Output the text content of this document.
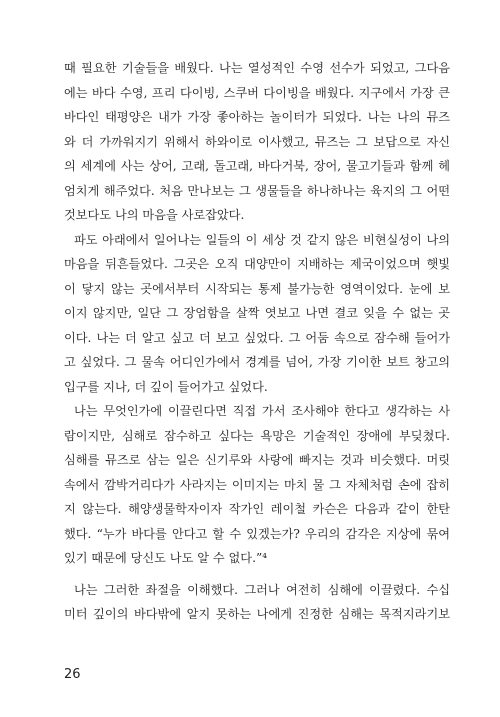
때 필요한 기술들을 배웠다. 나는 열성적인 수영 선수가 되었고, 그다음
에는 바다 수영, 프리 다이빙, 스쿠버 다이빙을 배웠다. 지구에서 가장 큰
바다인 태평양은 내가 가장 좋아하는 놀이터가 되었다. 나는 나의 뮤즈
와 더 가까워지기 위해서 하와이로 이사했고, 뮤즈는 그 보답으로 자신
의 세계에 사는 상어, 고래, 돌고래, 바다거북, 장어, 물고기들과 함께 헤
엄치게 해주었다. 처음 만나보는 그 생물들을 하나하나는 육지의 그 어떤
것보다도 나의 마음을 사로잡았다.
파도 아래에서 일어나는 일들의 이 세상 것 같지 않은 비현실성이 나의
마음을 뒤흔들었다. 그곳은 오직 대양만이 지배하는 제국이었으며 햇빛
이 닿지 않는 곳에서부터 시작되는 통제 불가능한 영역이었다. 눈에 보
이지 않지만, 일단 그 장엄함을 살짝 엿보고 나면 결코 잊을 수 없는 곳
이다. 나는 더 알고 싶고 더 보고 싶었다. 그 어둠 속으로 잠수해 들어가
고 싶었다. 그 물속 어디인가에서 경계를 넘어, 가장 기이한 보트 창고의
입구를 지나, 더 깊이 들어가고 싶었다.
나는 무엇인가에 이끌린다면 직접 가서 조사해야 한다고 생각하는 사
람이지만, 심해로 잠수하고 싶다는 욕망은 기술적인 장애에 부딪쳤다.
심해를 뮤즈로 삼는 일은 신기루와 사랑에 빠지는 것과 비슷했다. 머릿
속에서 깜박거리다가 사라지는 이미지는 마치 물 그 자체처럼 손에 잡히
지 않는다. 해양생물학자이자 작가인 레이철 카슨은 다음과 같이 한탄
했다. “누가 바다를 안다고 할 수 있겠는가? 우리의 감각은 지상에 묶여
있기 때문에 당신도 나도 알 수 없다.”⁴
나는 그러한 좌절을 이해했다. 그러나 여전히 심해에 이끌렸다. 수십
미터 깊이의 바다밖에 알지 못하는 나에게 진정한 심해는 목적지라기보
26
